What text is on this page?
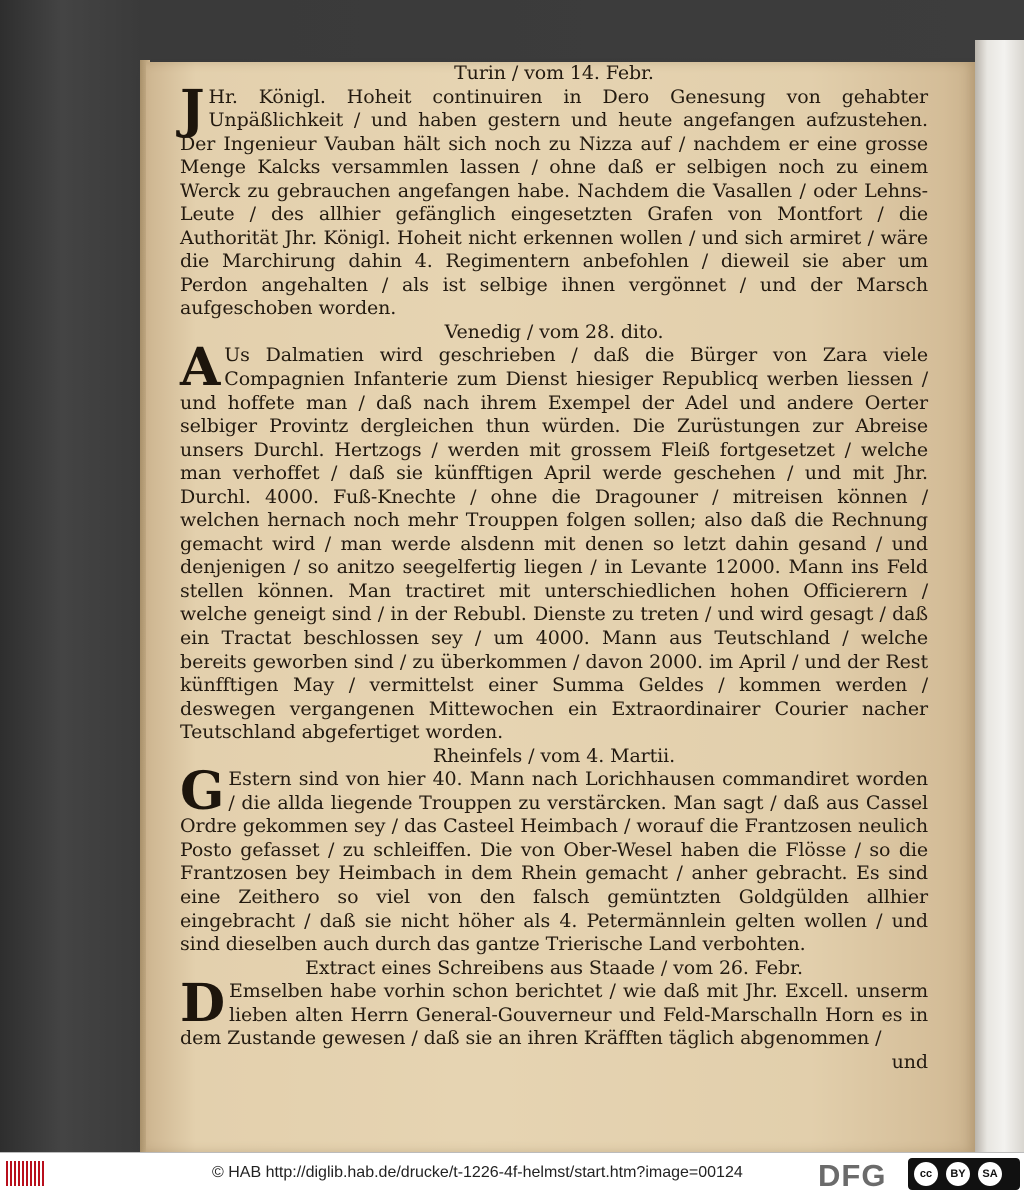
Turin / vom 14. Febr.

J Hr. Königl. Hoheit continuiren in Dero Genesung von gehabter Unpäßlichkeit / und haben gestern und heute angefangen aufzustehen. Der Ingenieur Vauban hält sich noch zu Nizza auf / nachdem er eine grosse Menge Kalcks versammlen lassen / ohne daß er selbigen noch zu einem Werck zu gebrauchen angefangen habe. Nachdem die Vasallen / oder Lehns-Leute / des allhier gefänglich eingesetzten Grafen von Montfort / die Authorität Jhr. Königl. Hoheit nicht erkennen wollen / und sich armiret / wäre die Marchirung dahin 4. Regimentern anbefohlen / dieweil sie aber um Perdon angehalten / als ist selbige ihnen vergönnet / und der Marsch aufgeschoben worden.

Venedig / vom 28. dito.

A Us Dalmatien wird geschrieben / daß die Bürger von Zara viele Compagnien Infanterie zum Dienst hiesiger Republicq werben liessen / und hoffete man / daß nach ihrem Exempel der Adel und andere Oerter selbiger Provintz dergleichen thun würden. Die Zurüstungen zur Abreise unsers Durchl. Hertzogs / werden mit grossem Fleiß fortgesetzet / welche man verhoffet / daß sie künfftigen April werde geschehen / und mit Jhr. Durchl. 4000. Fuß-Knechte / ohne die Dragouner / mitreisen können / welchen hernach noch mehr Trouppen folgen sollen; also daß die Rechnung gemacht wird / man werde alsdenn mit denen so letzt dahin gesand / und denjenigen / so anitzo seegelfertig liegen / in Levante 12000. Mann ins Feld stellen können. Man tractiret mit unterschiedlichen hohen Officierern / welche geneigt sind / in der Rebubl. Dienste zu treten / und wird gesagt / daß ein Tractat beschlossen sey / um 4000. Mann aus Teutschland / welche bereits geworben sind / zu überkommen / davon 2000. im April / und der Rest künfftigen May / vermittelst einer Summa Geldes / kommen werden / deswegen vergangenen Mittewochen ein Extraordinairer Courier nacher Teutschland abgefertiget worden.

Rheinfels / vom 4. Martii.

G Estern sind von hier 40. Mann nach Lorichhausen commandiret worden / die allda liegende Trouppen zu verstärcken. Man sagt / daß aus Cassel Ordre gekommen sey / das Casteel Heimbach / worauf die Frantzosen neulich Posto gefasset / zu schleiffen. Die von Ober-Wesel haben die Flösse / so die Frantzosen bey Heimbach in dem Rhein gemacht / anher gebracht. Es sind eine Zeithero so viel von den falsch gemüntzten Goldgülden allhier eingebracht / daß sie nicht höher als 4. Petermännlein gelten wollen / und sind dieselben auch durch das gantze Trierische Land verbohten.

Extract eines Schreibens aus Staade / vom 26. Febr.

D Emselben habe vorhin schon berichtet / wie daß mit Jhr. Excell. unserm lieben alten Herrn General-Gouverneur und Feld-Marschalln Horn es in dem Zustande gewesen / daß sie an ihren Kräfften täglich abgenommen /

und

© HAB http://diglib.hab.de/drucke/t-1226-4f-helmst/start.htm?image=00124 DFG	cc	BY	SA
